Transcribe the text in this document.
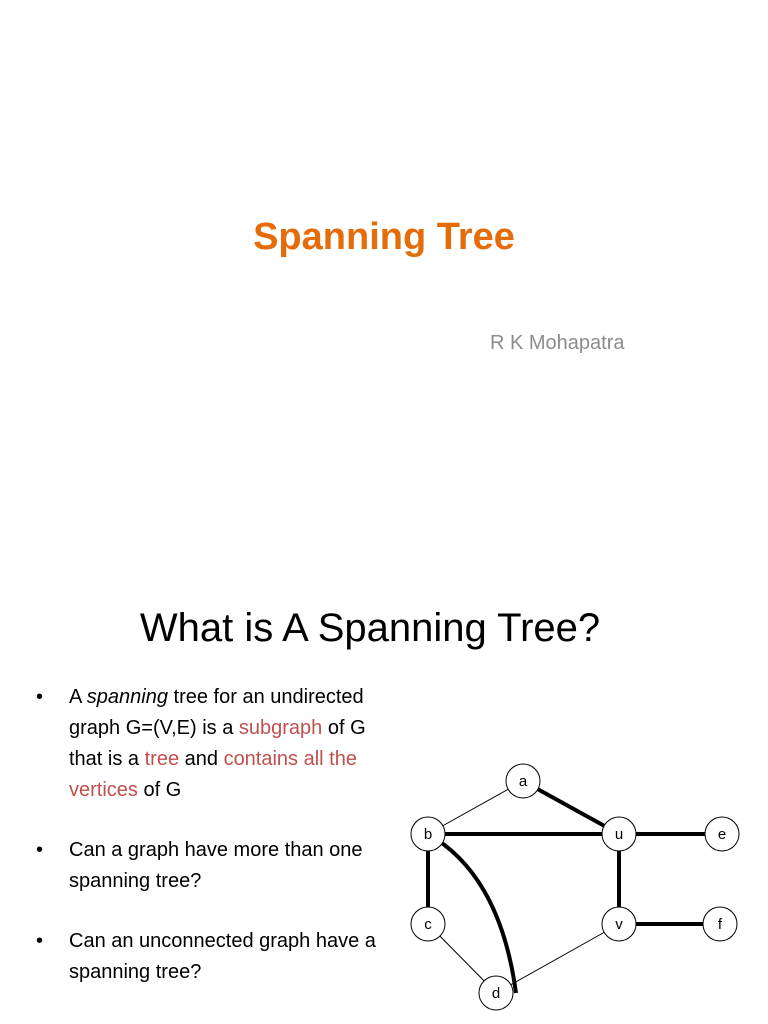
Spanning Tree
R K Mohapatra
What is A Spanning Tree?
• A spanning tree for an undirected graph G=(V,E) is a subgraph of G that is a tree and contains all the vertices of G
• Can a graph have more than one spanning tree?
• Can an unconnected graph have a spanning tree?
a
b	u	e
c	v	f
d
